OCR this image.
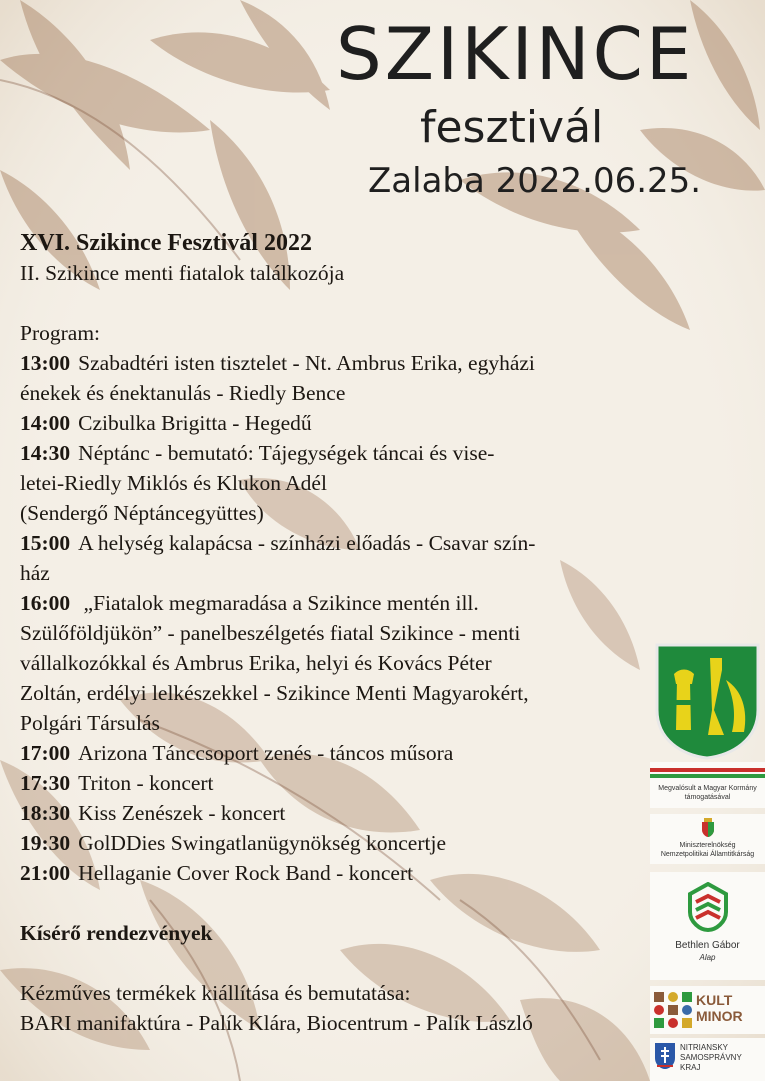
SZIKINCE
fesztivál
Zalaba 2022.06.25.
XVI. Szikince Fesztivál 2022
II. Szikince menti fiatalok találkozója
Program:
13:00 Szabadtéri isten tisztelet - Nt. Ambrus Erika, egyházi
énekek és énektanulás - Riedly Bence
14:00 Czibulka Brigitta - Hegedű
14:30 Néptánc - bemutató: Tájegységek táncai és vise-
letei-Riedly Miklós és Klukon Adél
(Sendergő Néptáncegyüttes)
15:00 A helység kalapácsa - színházi előadás - Csavar szín-
ház
16:00 „Fiatalok megmaradása a Szikince mentén ill.
Szülőföldjükön” - panelbeszélgetés fiatal Szikince - menti
vállalkozókkal és Ambrus Erika, helyi és Kovács Péter
Zoltán, erdélyi lelkészekkel - Szikince Menti Magyarokért,
Polgári Társulás
17:00 Arizona Tánccsoport zenés - táncos műsora
17:30 Triton - koncert
18:30 Kiss Zenészek - koncert
19:30 GolDDies Swingatlanügynökség koncertje
21:00 Hellaganie Cover Rock Band - koncert
Kísérő rendezvények
Kézműves termékek kiállítása és bemutatása:
BARI manifaktúra - Palík Klára, Biocentrum - Palík László
Megvalósult a Magyar Kormány
támogatásával
Miniszterelnökség
Nemzetpolitikai Államtitkárság
Bethlen Gábor
Alap
KULT
MINOR
NITRIANSKY
SAMOSPRÁVNY
KRAJ
